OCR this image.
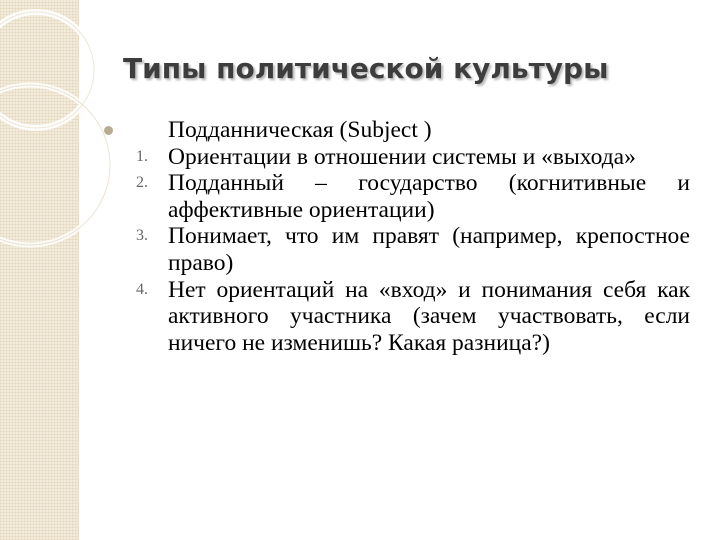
Типы политической культуры
Подданническая (Subject )
1. Ориентации в отношении системы и «выхода»
2. Подданный – государство (когнитивные и аффективные ориентации)
3. Понимает, что им правят (например, крепостное право)
4. Нет ориентаций на «вход» и понимания себя как активного участника (зачем участвовать, если ничего не изменишь? Какая разница?)
